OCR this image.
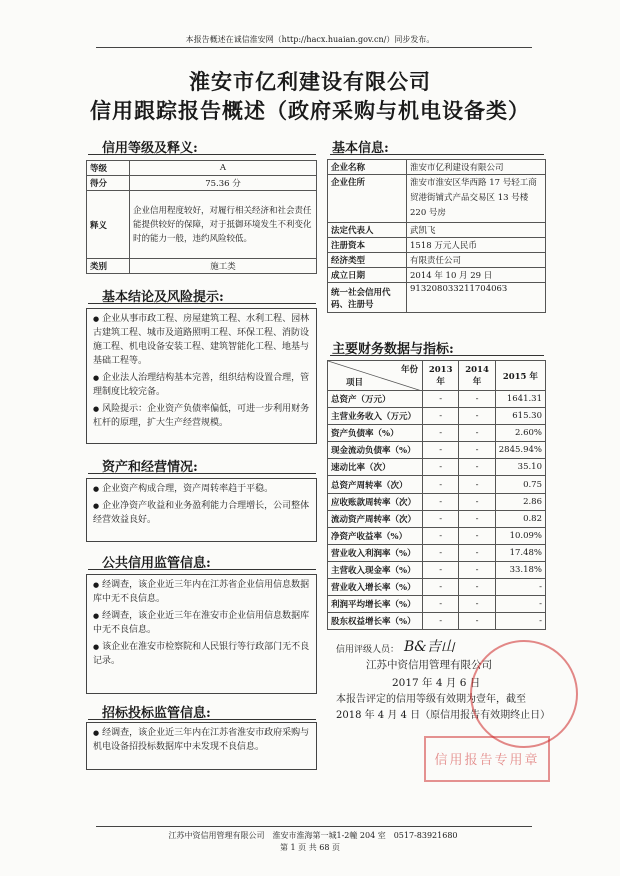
本报告概述在诚信淮安网（http://hacx.huaian.gov.cn/）同步发布。
淮安市亿利建设有限公司
信用跟踪报告概述（政府采购与机电设备类）
信用等级及释义:
等级	A
得分	75.36 分
释义	企业信用程度较好，对履行相关经济和社会责任能提供较好的保障，对于抵御环境发生不利变化时的能力一般，违约风险较低。
类别	施工类
基本结论及风险提示:

● 企业从事市政工程、房屋建筑工程、水利工程、园林古建筑工程、城市及道路照明工程、环保工程、消防设施工程、机电设备安装工程、建筑智能化工程、地基与基础工程等。

● 企业法人治理结构基本完善，组织结构设置合理，管理制度比较完备。

● 风险提示：企业资产负债率偏低，可进一步利用财务杠杆的原理，扩大生产经营规模。

资产和经营情况:

● 企业资产构成合理，资产周转率趋于平稳。

● 企业净资产收益和业务盈利能力合理增长，公司整体经营效益良好。

公共信用监管信息:

● 经调查，该企业近三年内在江苏省企业信用信息数据库中无不良信息。

● 经调查，该企业近三年在淮安市企业信用信息数据库中无不良信息。

● 该企业在淮安市检察院和人民银行等行政部门无不良记录。

招标投标监管信息:

● 经调查，该企业近三年内在江苏省淮安市政府采购与机电设备招投标数据库中未发现不良信息。

基本信息:
企业名称	淮安市亿利建设有限公司
企业住所	淮安市淮安区华西路 17 号轻工商贸港街铺式产品交易区 13 号楼 220 号房
法定代表人	武凯飞
注册资本	1518 万元人民币
经济类型	有限责任公司
成立日期	2014 年 10 月 29 日
统一社会信用代码、注册号	91320803321170406З
主要财务数据与指标:
年份
项目	2013 年	2014 年	2015 年
总资产（万元）	-	-	1641.31
主营业务收入（万元）	-	-	615.30
资产负债率（%）	-	-	2.60%
现金流动负债率（%）	-	-	2845.94%
速动比率（次）	-	-	35.10
总资产周转率（次）	-	-	0.75
应收账款周转率（次）	-	-	2.86
流动资产周转率（次）	-	-	0.82
净资产收益率（%）	-	-	10.09%
营业收入利润率（%）	-	-	17.48%
主营收入现金率（%）	-	-	33.18%
营业收入增长率（%）	-	-	-
利润平均增长率（%）	-	-	-
股东权益增长率（%）	-	-	-
信用评级人员： B&吉山
江苏中资信用管理有限公司
2017 年 4 月 6 日
本报告评定的信用等级有效期为壹年，截至 2018 年 4 月 4 日（原信用报告有效期终止日）
信用报告专用章
江苏中资信用管理有限公司　淮安市淮海第一城1-2幢 204 室　0517-83921680
第 1 页 共 68 页
